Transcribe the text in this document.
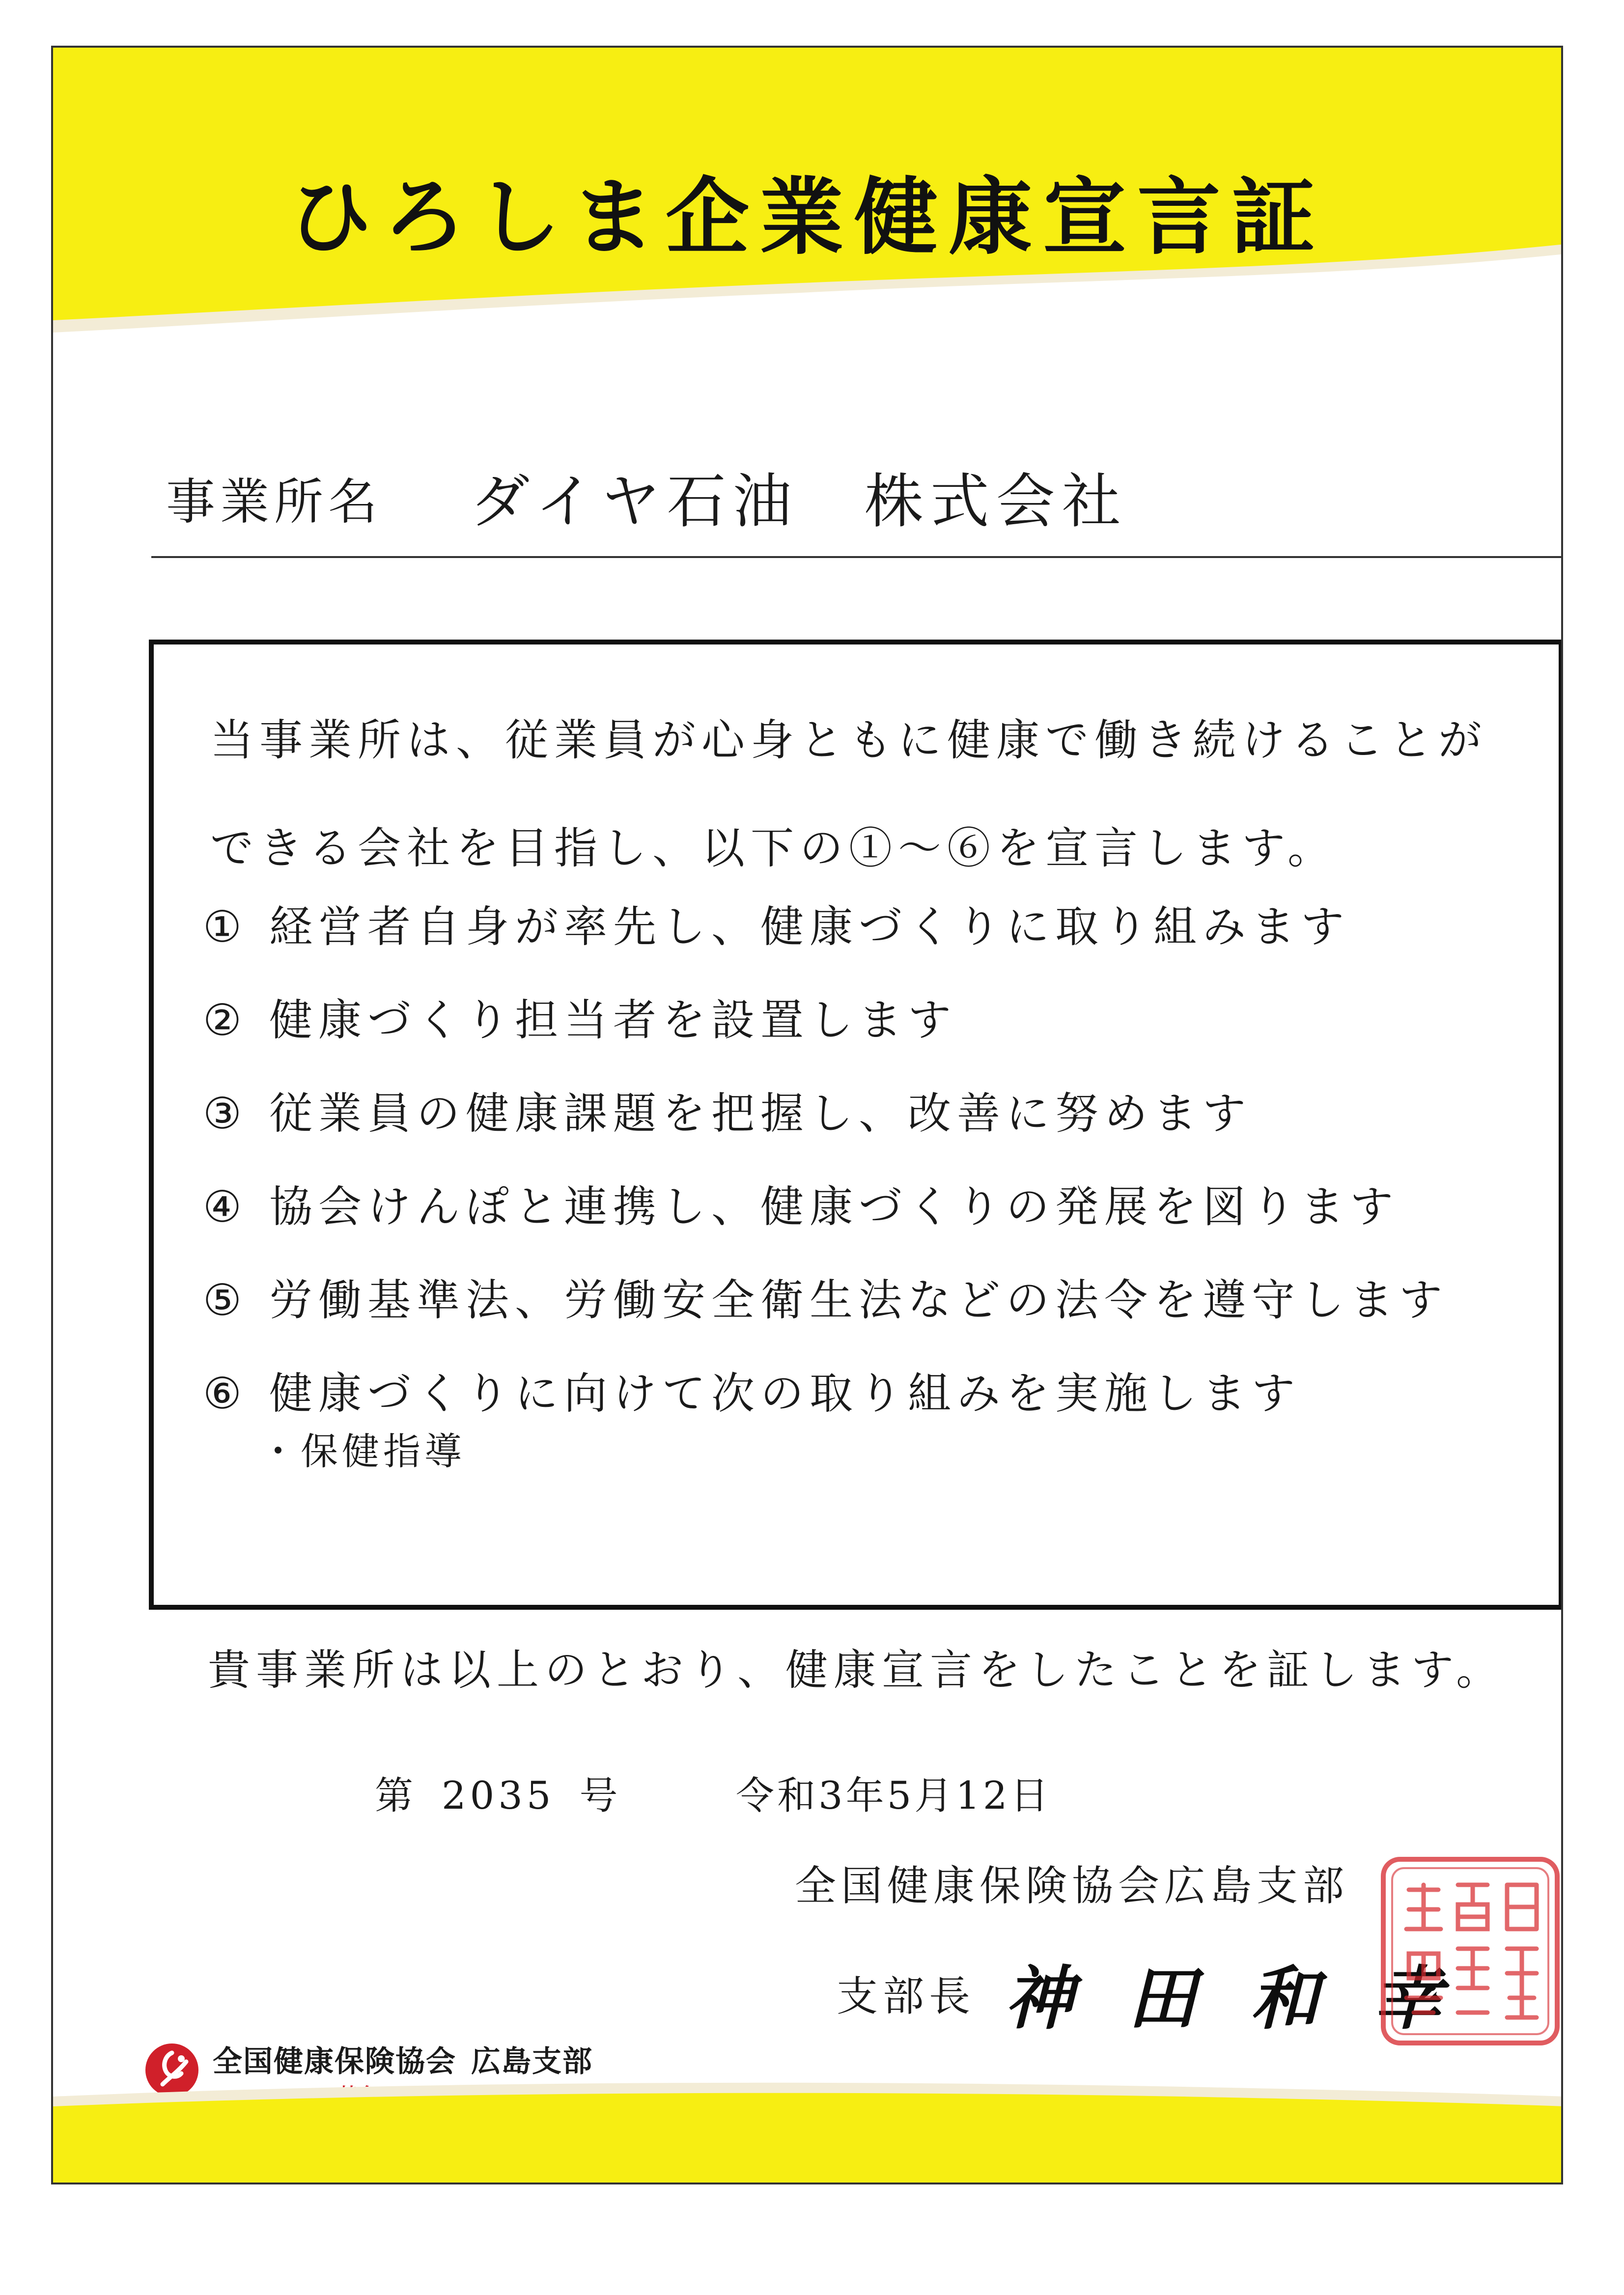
ひろしま企業健康宣言証
事業所名 ダイヤ石油　株式会社
当事業所は、従業員が心身ともに健康で働き続けることが
できる会社を目指し、以下の①～⑥を宣言します。
① 経営者自身が率先し、健康づくりに取り組みます
② 健康づくり担当者を設置します
③ 従業員の健康課題を把握し、改善に努めます
④ 協会けんぽと連携し、健康づくりの発展を図ります
⑤ 労働基準法、労働安全衛生法などの法令を遵守します
⑥ 健康づくりに向けて次の取り組みを実施します
・保健指導
貴事業所は以上のとおり、健康宣言をしたことを証します。
第 2035 号	令和3年5月12日
全国健康保険協会広島支部
支部長 神田和幸
全国健康保険協会 広島支部
